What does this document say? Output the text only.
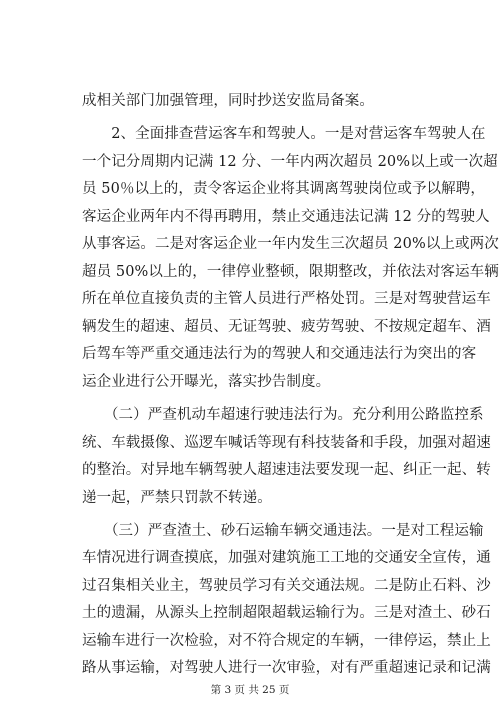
成相关部门加强管理，同时抄送安监局备案。
　　2、全面排查营运客车和驾驶人。一是对营运客车驾驶人在
一个记分周期内记满 12 分、一年内两次超员 20%以上或一次超
员 50％以上的，责令客运企业将其调离驾驶岗位或予以解聘，
客运企业两年内不得再聘用，禁止交通违法记满 12 分的驾驶人
从事客运。二是对客运企业一年内发生三次超员 20%以上或两次
超员 50%以上的，一律停业整顿，限期整改，并依法对客运车辆
所在单位直接负责的主管人员进行严格处罚。三是对驾驶营运车
辆发生的超速、超员、无证驾驶、疲劳驾驶、不按规定超车、酒
后驾车等严重交通违法行为的驾驶人和交通违法行为突出的客
运企业进行公开曝光，落实抄告制度。
　　（二）严查机动车超速行驶违法行为。充分利用公路监控系
统、车载摄像、巡逻车喊话等现有科技装备和手段，加强对超速
的整治。对异地车辆驾驶人超速违法要发现一起、纠正一起、转
递一起，严禁只罚款不转递。
　　（三）严查渣土、砂石运输车辆交通违法。一是对工程运输
车情况进行调查摸底，加强对建筑施工工地的交通安全宣传，通
过召集相关业主，驾驶员学习有关交通法规。二是防止石料、沙
土的遗漏，从源头上控制超限超载运输行为。三是对渣土、砂石
运输车进行一次检验，对不符合规定的车辆，一律停运，禁止上
路从事运输，对驾驶人进行一次审验，对有严重超速记录和记满
第 3 页 共 25 页
